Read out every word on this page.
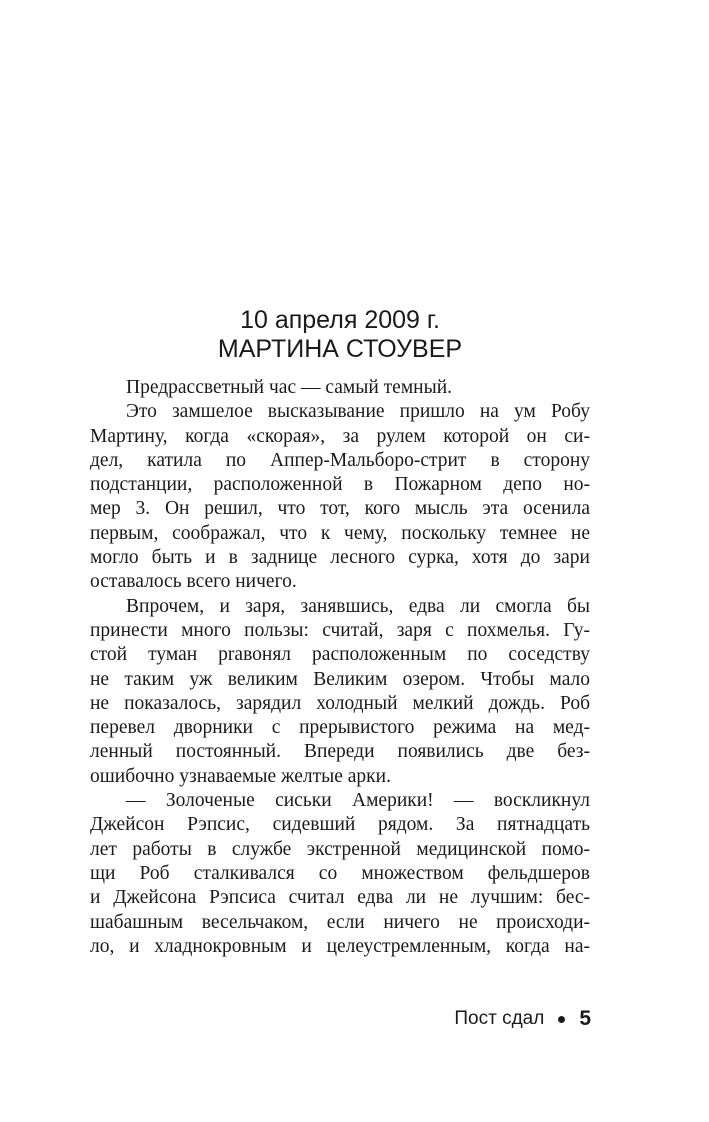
10 апреля 2009 г.
МАРТИНА СТОУВЕР
Предрассветный час — самый темный.
Это замшелое высказывание пришло на ум Робу
Мартину, когда «скорая», за рулем которой он си-
дел, катила по Аппер-Мальборо-стрит в сторону
подстанции, расположенной в Пожарном депо но-
мер 3. Он решил, что тот, кого мысль эта осенила
первым, соображал, что к чему, поскольку темнее не
могло быть и в заднице лесного сурка, хотя до зари
оставалось всего ничего.
Впрочем, и заря, занявшись, едва ли смогла бы
принести много пользы: считай, заря с похмелья. Гу-
стой туман praвонял расположенным по соседству
не таким уж великим Великим озером. Чтобы мало
не показалось, зарядил холодный мелкий дождь. Роб
перевел дворники с прерывистого режима на мед-
ленный постоянный. Впереди появились две без-
ошибочно узнаваемые желтые арки.
— Золоченые сиськи Америки! — воскликнул
Джейсон Рэпсис, сидевший рядом. За пятнадцать
лет работы в службе экстренной медицинской помо-
щи Роб сталкивался со множеством фельдшеров
и Джейсона Рэпсиса считал едва ли не лучшим: бес-
шабашным весельчаком, если ничего не происходи-
ло, и хладнокровным и целеустремленным, когда на-
Пост сдал 5
